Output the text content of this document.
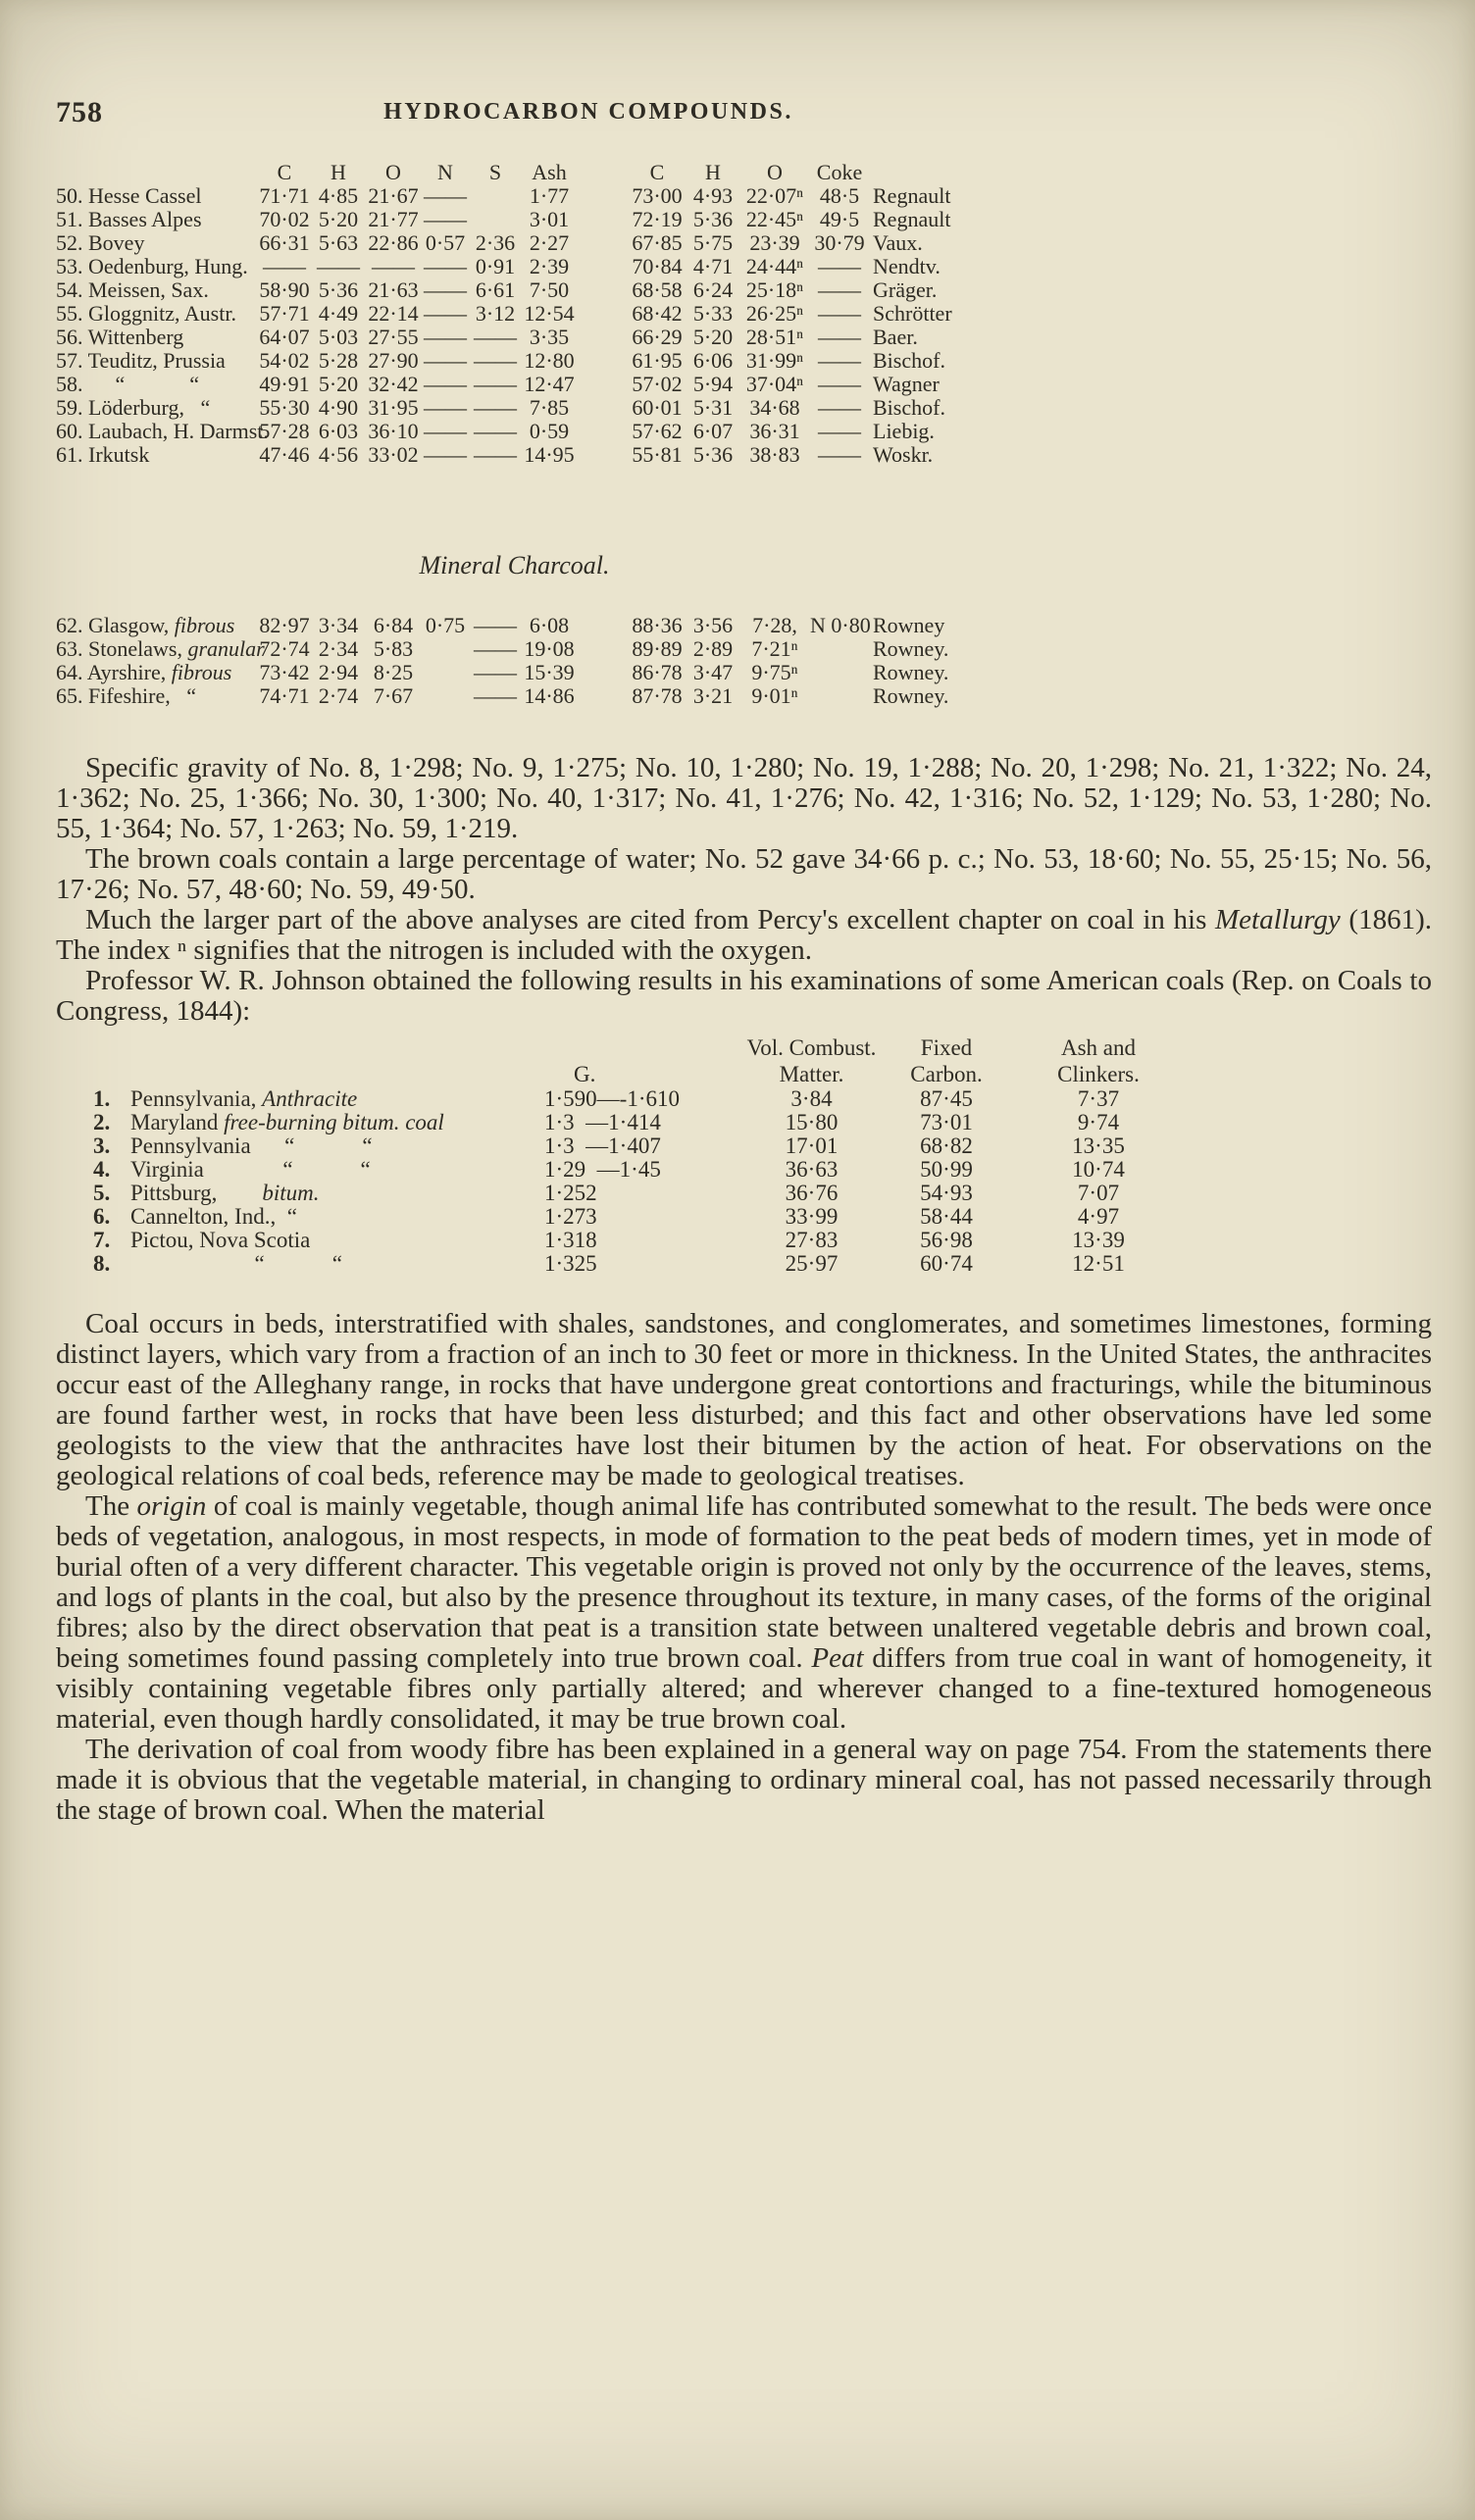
758	HYDROCARBON COMPOUNDS.
	C	H	O	N	S	Ash		C	H	O	Coke	
50. Hesse Cassel	71·71	4·85	21·67	——		1·77		73·00	4·93	22·07ⁿ	48·5	Regnault
51. Basses Alpes	70·02	5·20	21·77	——		3·01		72·19	5·36	22·45ⁿ	49·5	Regnault
52. Bovey	66·31	5·63	22·86	0·57	2·36	2·27		67·85	5·75	23·39	30·79	Vaux.
53. Oedenburg, Hung.	——	——	——	——	0·91	2·39		70·84	4·71	24·44ⁿ	——	Nendtv.
54. Meissen, Sax.	58·90	5·36	21·63	——	6·61	7·50		68·58	6·24	25·18ⁿ	——	Gräger.
55. Gloggnitz, Austr.	57·71	4·49	22·14	——	3·12	12·54		68·42	5·33	26·25ⁿ	——	Schrötter
56. Wittenberg	64·07	5·03	27·55	——	——	3·35		66·29	5·20	28·51ⁿ	——	Baer.
57. Teuditz, Prussia	54·02	5·28	27·90	——	——	12·80		61·95	6·06	31·99ⁿ	——	Bischof.
58.      “            “	49·91	5·20	32·42	——	——	12·47		57·02	5·94	37·04ⁿ	——	Wagner
59. Löderburg,   “	55·30	4·90	31·95	——	——	7·85		60·01	5·31	34·68	——	Bischof.
60. Laubach, H. Darmst.	57·28	6·03	36·10	——	——	0·59		57·62	6·07	36·31	——	Liebig.
61. Irkutsk	47·46	4·56	33·02	——	——	14·95		55·81	5·36	38·83	——	Woskr.
Mineral Charcoal.
62. Glasgow, fibrous	82·97	3·34	6·84	0·75	——	6·08		88·36	3·56	7·28,	N 0·80	Rowney
63. Stonelaws, granular	72·74	2·34	5·83		——	19·08		89·89	2·89	7·21ⁿ		Rowney.
64. Ayrshire, fibrous	73·42	2·94	8·25		——	15·39		86·78	3·47	9·75ⁿ		Rowney.
65. Fifeshire,   “	74·71	2·74	7·67		——	14·86		87·78	3·21	9·01ⁿ		Rowney.

Specific gravity of No. 8, 1·298; No. 9, 1·275; No. 10, 1·280; No. 19, 1·288; No. 20, 1·298; No. 21, 1·322; No. 24, 1·362; No. 25, 1·366; No. 30, 1·300; No. 40, 1·317; No. 41, 1·276; No. 42, 1·316; No. 52, 1·129; No. 53, 1·280; No. 55, 1·364; No. 57, 1·263; No. 59, 1·219.

The brown coals contain a large percentage of water; No. 52 gave 34·66 p. c.; No. 53, 18·60; No. 55, 25·15; No. 56, 17·26; No. 57, 48·60; No. 59, 49·50.

Much the larger part of the above analyses are cited from Percy's excellent chapter on coal in his Metallurgy (1861). The index ⁿ signifies that the nitrogen is included with the oxygen.

Professor W. R. Johnson obtained the following results in his examinations of some American coals (Rep. on Coals to Congress, 1844):

			Vol. Combust.	Fixed	Ash and
		G.	Matter.	Carbon.	Clinkers.
1.	Pennsylvania, Anthracite	1·590—-1·610	3·84	87·45	7·37
2.	Maryland free-burning bitum. coal	1·3  —1·414	15·80	73·01	9·74
3.	Pennsylvania      “            “	1·3  —1·407	17·01	68·82	13·35
4.	Virginia              “            “	1·29  —1·45	36·63	50·99	10·74
5.	Pittsburg,        bitum.	1·252	36·76	54·93	7·07
6.	Cannelton, Ind.,  “	1·273	33·99	58·44	4·97
7.	Pictou, Nova Scotia	1·318	27·83	56·98	13·39
8.	“            “	1·325	25·97	60·74	12·51

Coal occurs in beds, interstratified with shales, sandstones, and conglomerates, and sometimes limestones, forming distinct layers, which vary from a fraction of an inch to 30 feet or more in thickness. In the United States, the anthracites occur east of the Alleghany range, in rocks that have undergone great contortions and fracturings, while the bituminous are found farther west, in rocks that have been less disturbed; and this fact and other observations have led some geologists to the view that the anthracites have lost their bitumen by the action of heat. For observations on the geological relations of coal beds, reference may be made to geological treatises.

The origin of coal is mainly vegetable, though animal life has contributed somewhat to the result. The beds were once beds of vegetation, analogous, in most respects, in mode of formation to the peat beds of modern times, yet in mode of burial often of a very different character. This vegetable origin is proved not only by the occurrence of the leaves, stems, and logs of plants in the coal, but also by the presence throughout its texture, in many cases, of the forms of the original fibres; also by the direct observation that peat is a transition state between unaltered vegetable debris and brown coal, being sometimes found passing completely into true brown coal. Peat differs from true coal in want of homogeneity, it visibly containing vegetable fibres only partially altered; and wherever changed to a fine-textured homogeneous material, even though hardly consolidated, it may be true brown coal.

The derivation of coal from woody fibre has been explained in a general way on page 754. From the statements there made it is obvious that the vegetable material, in changing to ordinary mineral coal, has not passed necessarily through the stage of brown coal. When the material
